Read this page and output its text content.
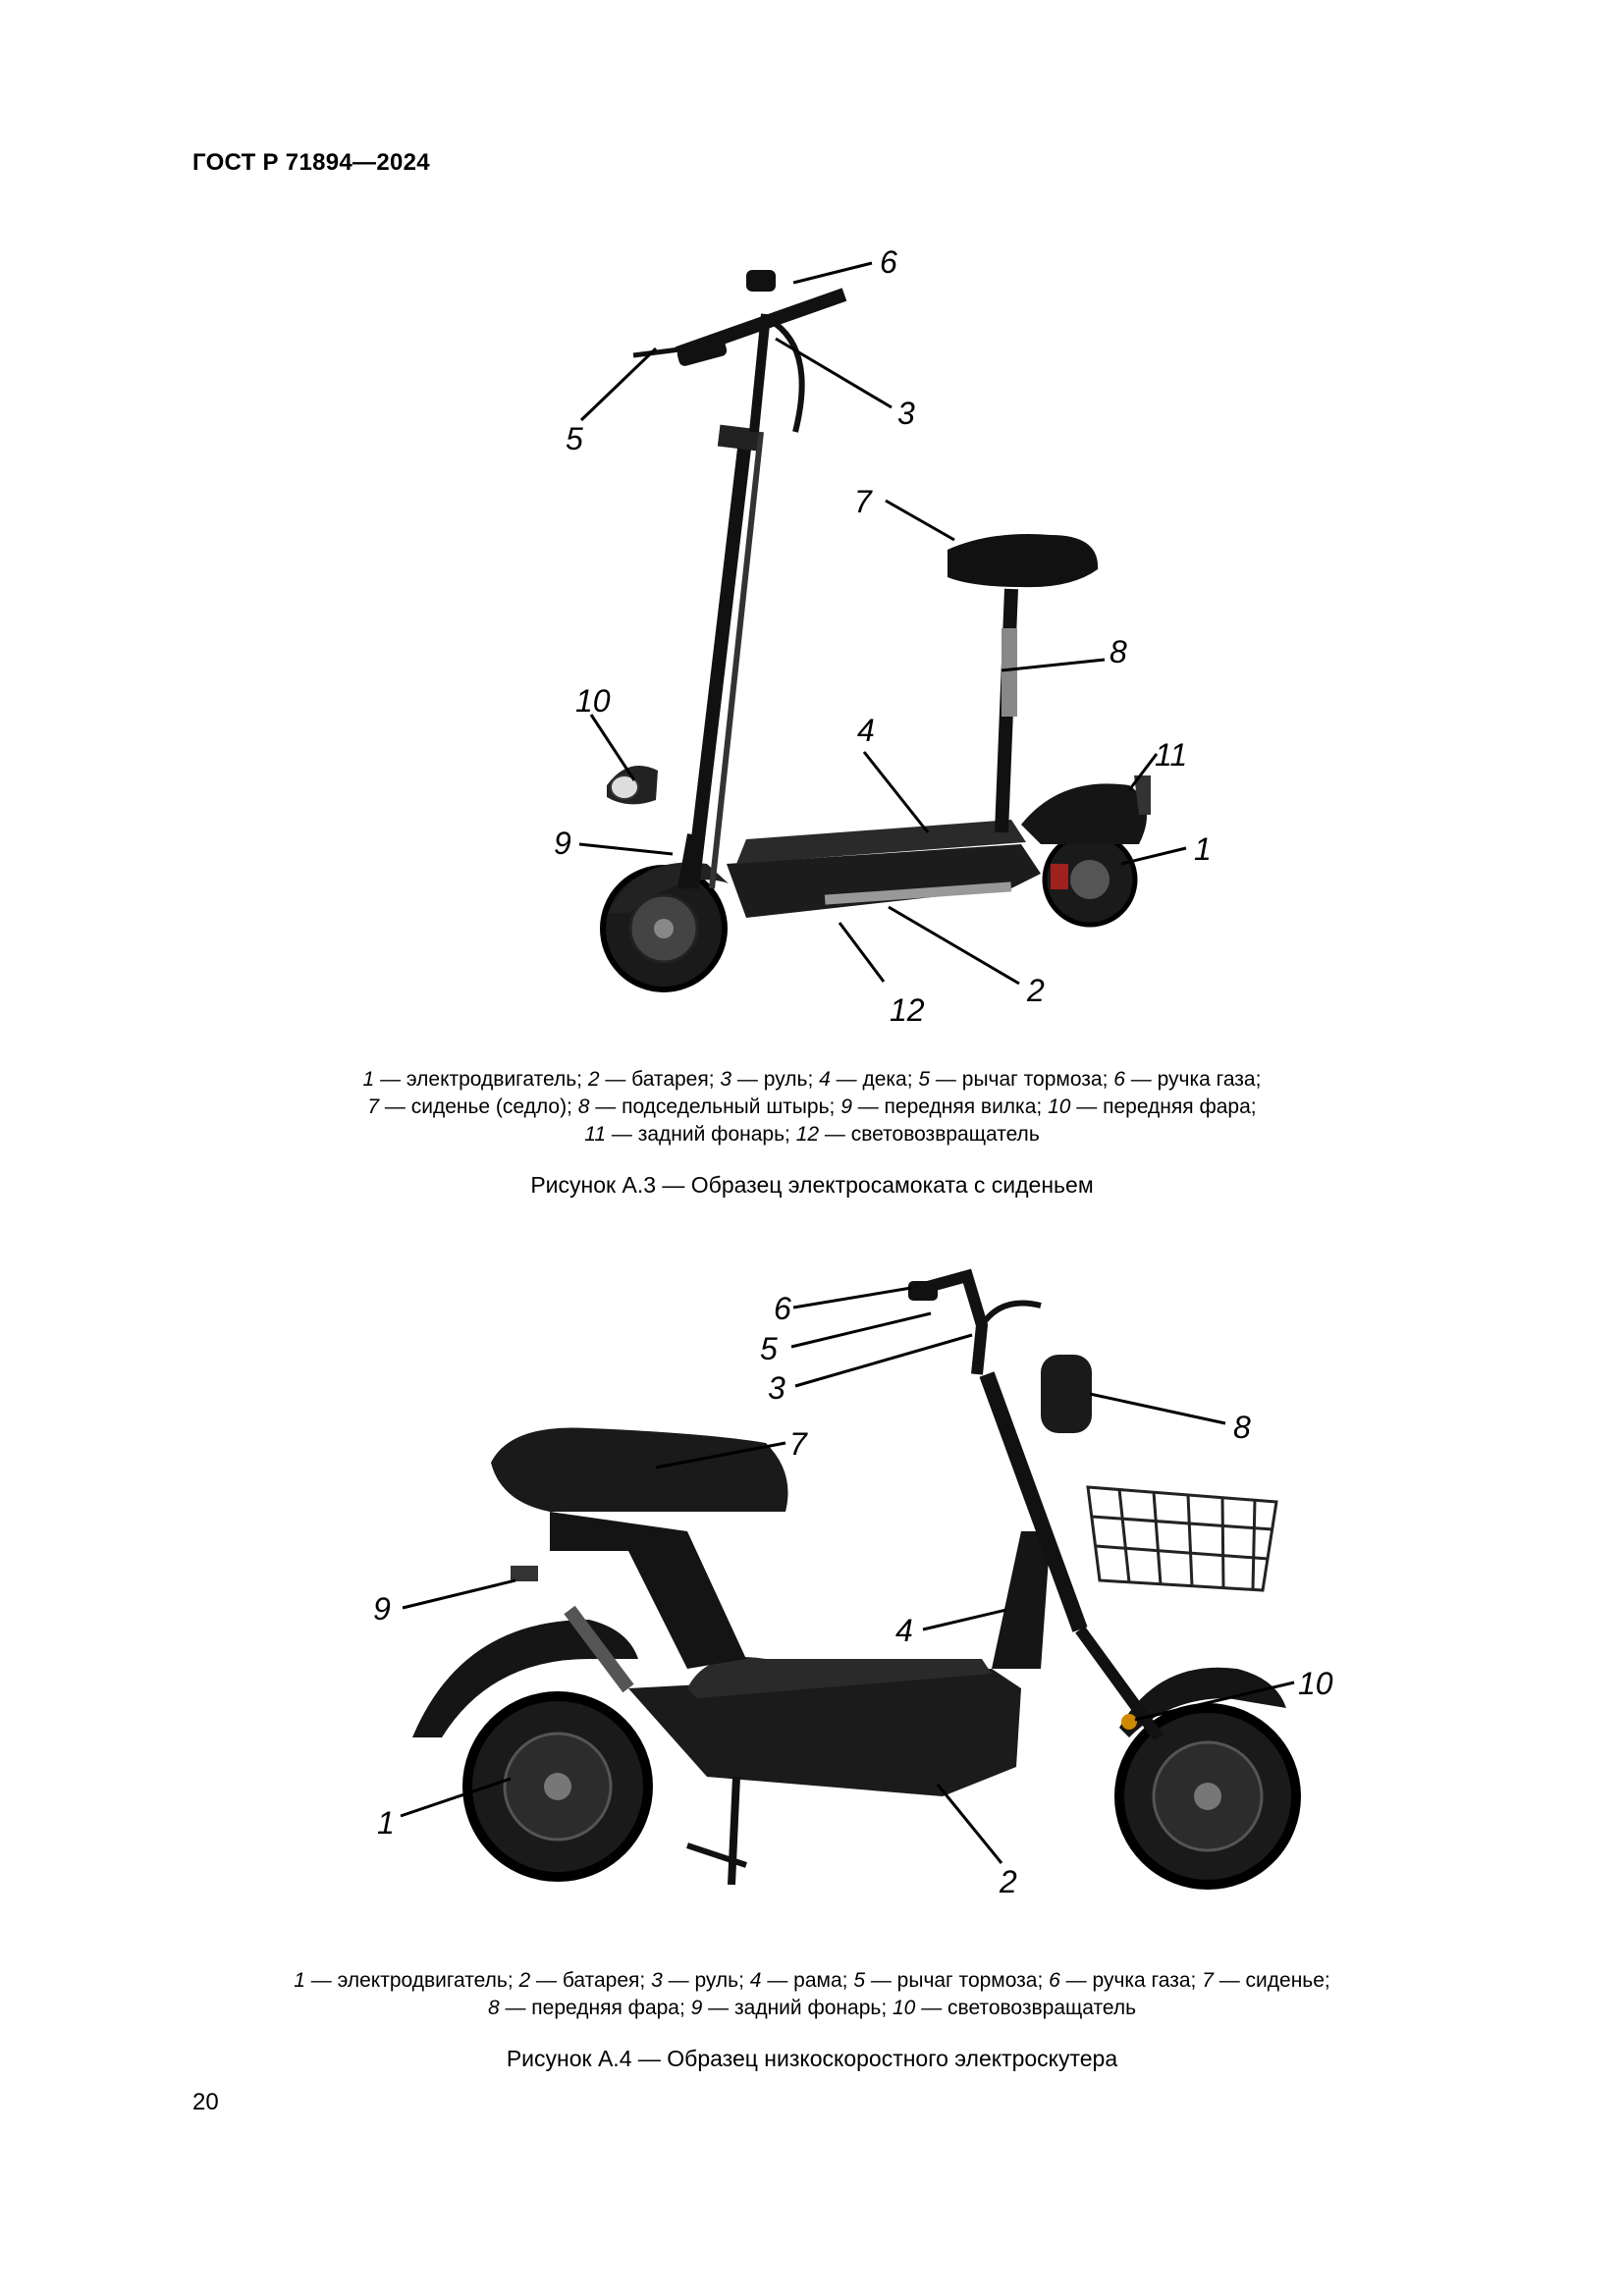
ГОСТ Р 71894—2024
1
2
3
4
5
6
7
8
9
10
11
12
1
2
3
4
5
6
7	8
9
10
1 — электродвигатель; 2 — батарея; 3 — руль; 4 — дека; 5 — рычаг тормоза; 6 — ручка газа;
7 — сиденье (седло); 8 — подседельный штырь; 9 — передняя вилка; 10 — передняя фара;
11 — задний фонарь; 12 — световозвращатель
Рисунок А.3 — Образец электросамоката с сиденьем
1 — электродвигатель; 2 — батарея; 3 — руль; 4 — рама; 5 — рычаг тормоза; 6 — ручка газа; 7 — сиденье;
8 — передняя фара; 9 — задний фонарь; 10 — световозвращатель
Рисунок А.4 — Образец низкоскоростного электроскутера
20
